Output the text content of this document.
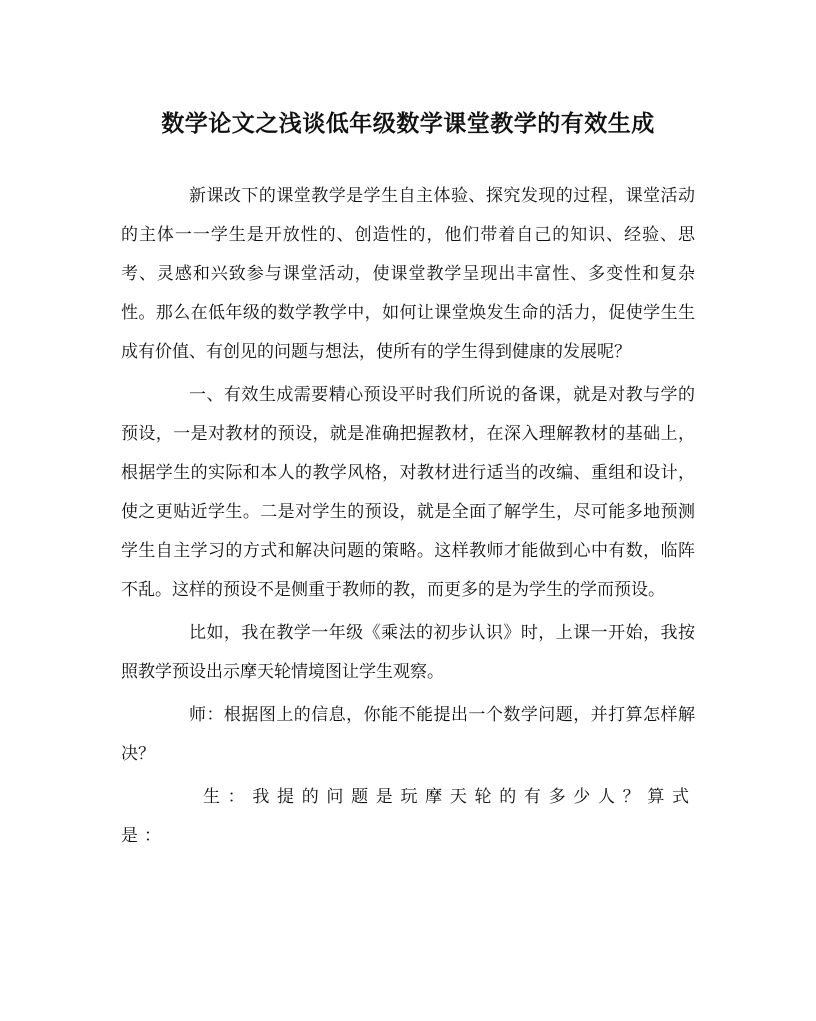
数学论文之浅谈低年级数学课堂教学的有效生成

新课改下的课堂教学是学生自主体验、探究发现的过程，课堂活动的主体一一学生是开放性的、创造性的，他们带着自己的知识、经验、思考、灵感和兴致参与课堂活动，使课堂教学呈现出丰富性、多变性和复杂性。那么在低年级的数学教学中，如何让课堂焕发生命的活力，促使学生生成有价值、有创见的问题与想法，使所有的学生得到健康的发展呢？

一、有效生成需要精心预设平时我们所说的备课，就是对教与学的预设，一是对教材的预设，就是准确把握教材，在深入理解教材的基础上，根据学生的实际和本人的教学风格，对教材进行适当的改编、重组和设计，使之更贴近学生。二是对学生的预设，就是全面了解学生，尽可能多地预测学生自主学习的方式和解决问题的策略。这样教师才能做到心中有数，临阵不乱。这样的预设不是侧重于教师的教，而更多的是为学生的学而预设。

比如，我在教学一年级《乘法的初步认识》时，上课一开始，我按照教学预设出示摩天轮情境图让学生观察。

师：根据图上的信息，你能不能提出一个数学问题，并打算怎样解决？

生：我提的问题是玩摩天轮的有多少人？算式是：
